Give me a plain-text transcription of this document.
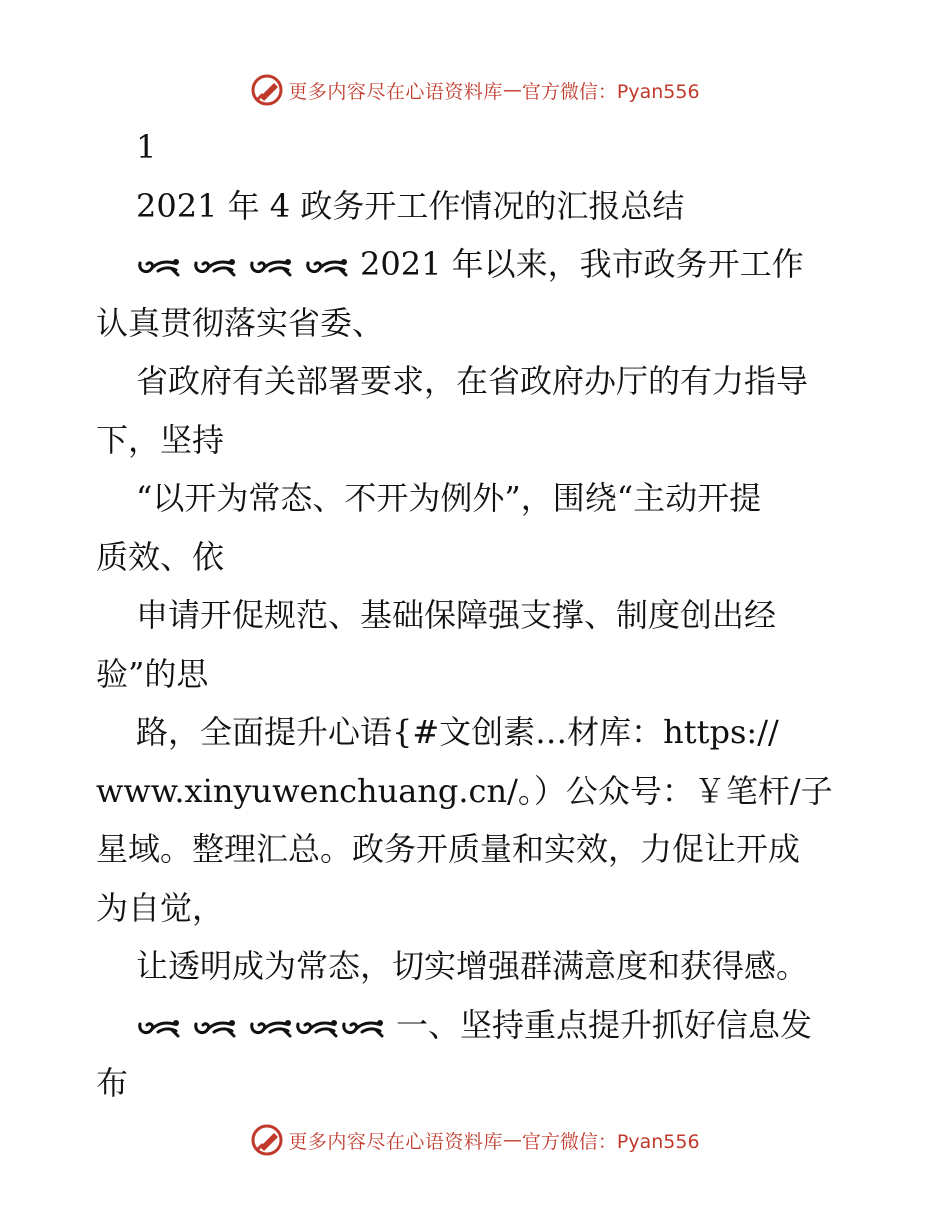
更多内容尽在心语资料库 — 官方微信：Pyan556
1
2021 年 4 政务开工作情况的汇报总结
2021 年以来，我市政务开工作
认真贯彻落实省委、
省政府有关部署要求，在省政府办厅的有力指导
下，坚持
“以开为常态、不开为例外”，围绕“主动开提
质效、依
申请开促规范、基础保障强支撑、制度创出经
验”的思
路，全面提升心语{#文创素…材库：https://
www.xinyuwenchuang.cn/。）公众号：￥笔杆/子
星域。整理汇总。政务开质量和实效，力促让开成
为自觉，
让透明成为常态，切实增强群满意度和获得感。
一、坚持重点提升抓好信息发
布
更多内容尽在心语资料库 — 官方微信：Pyan556
